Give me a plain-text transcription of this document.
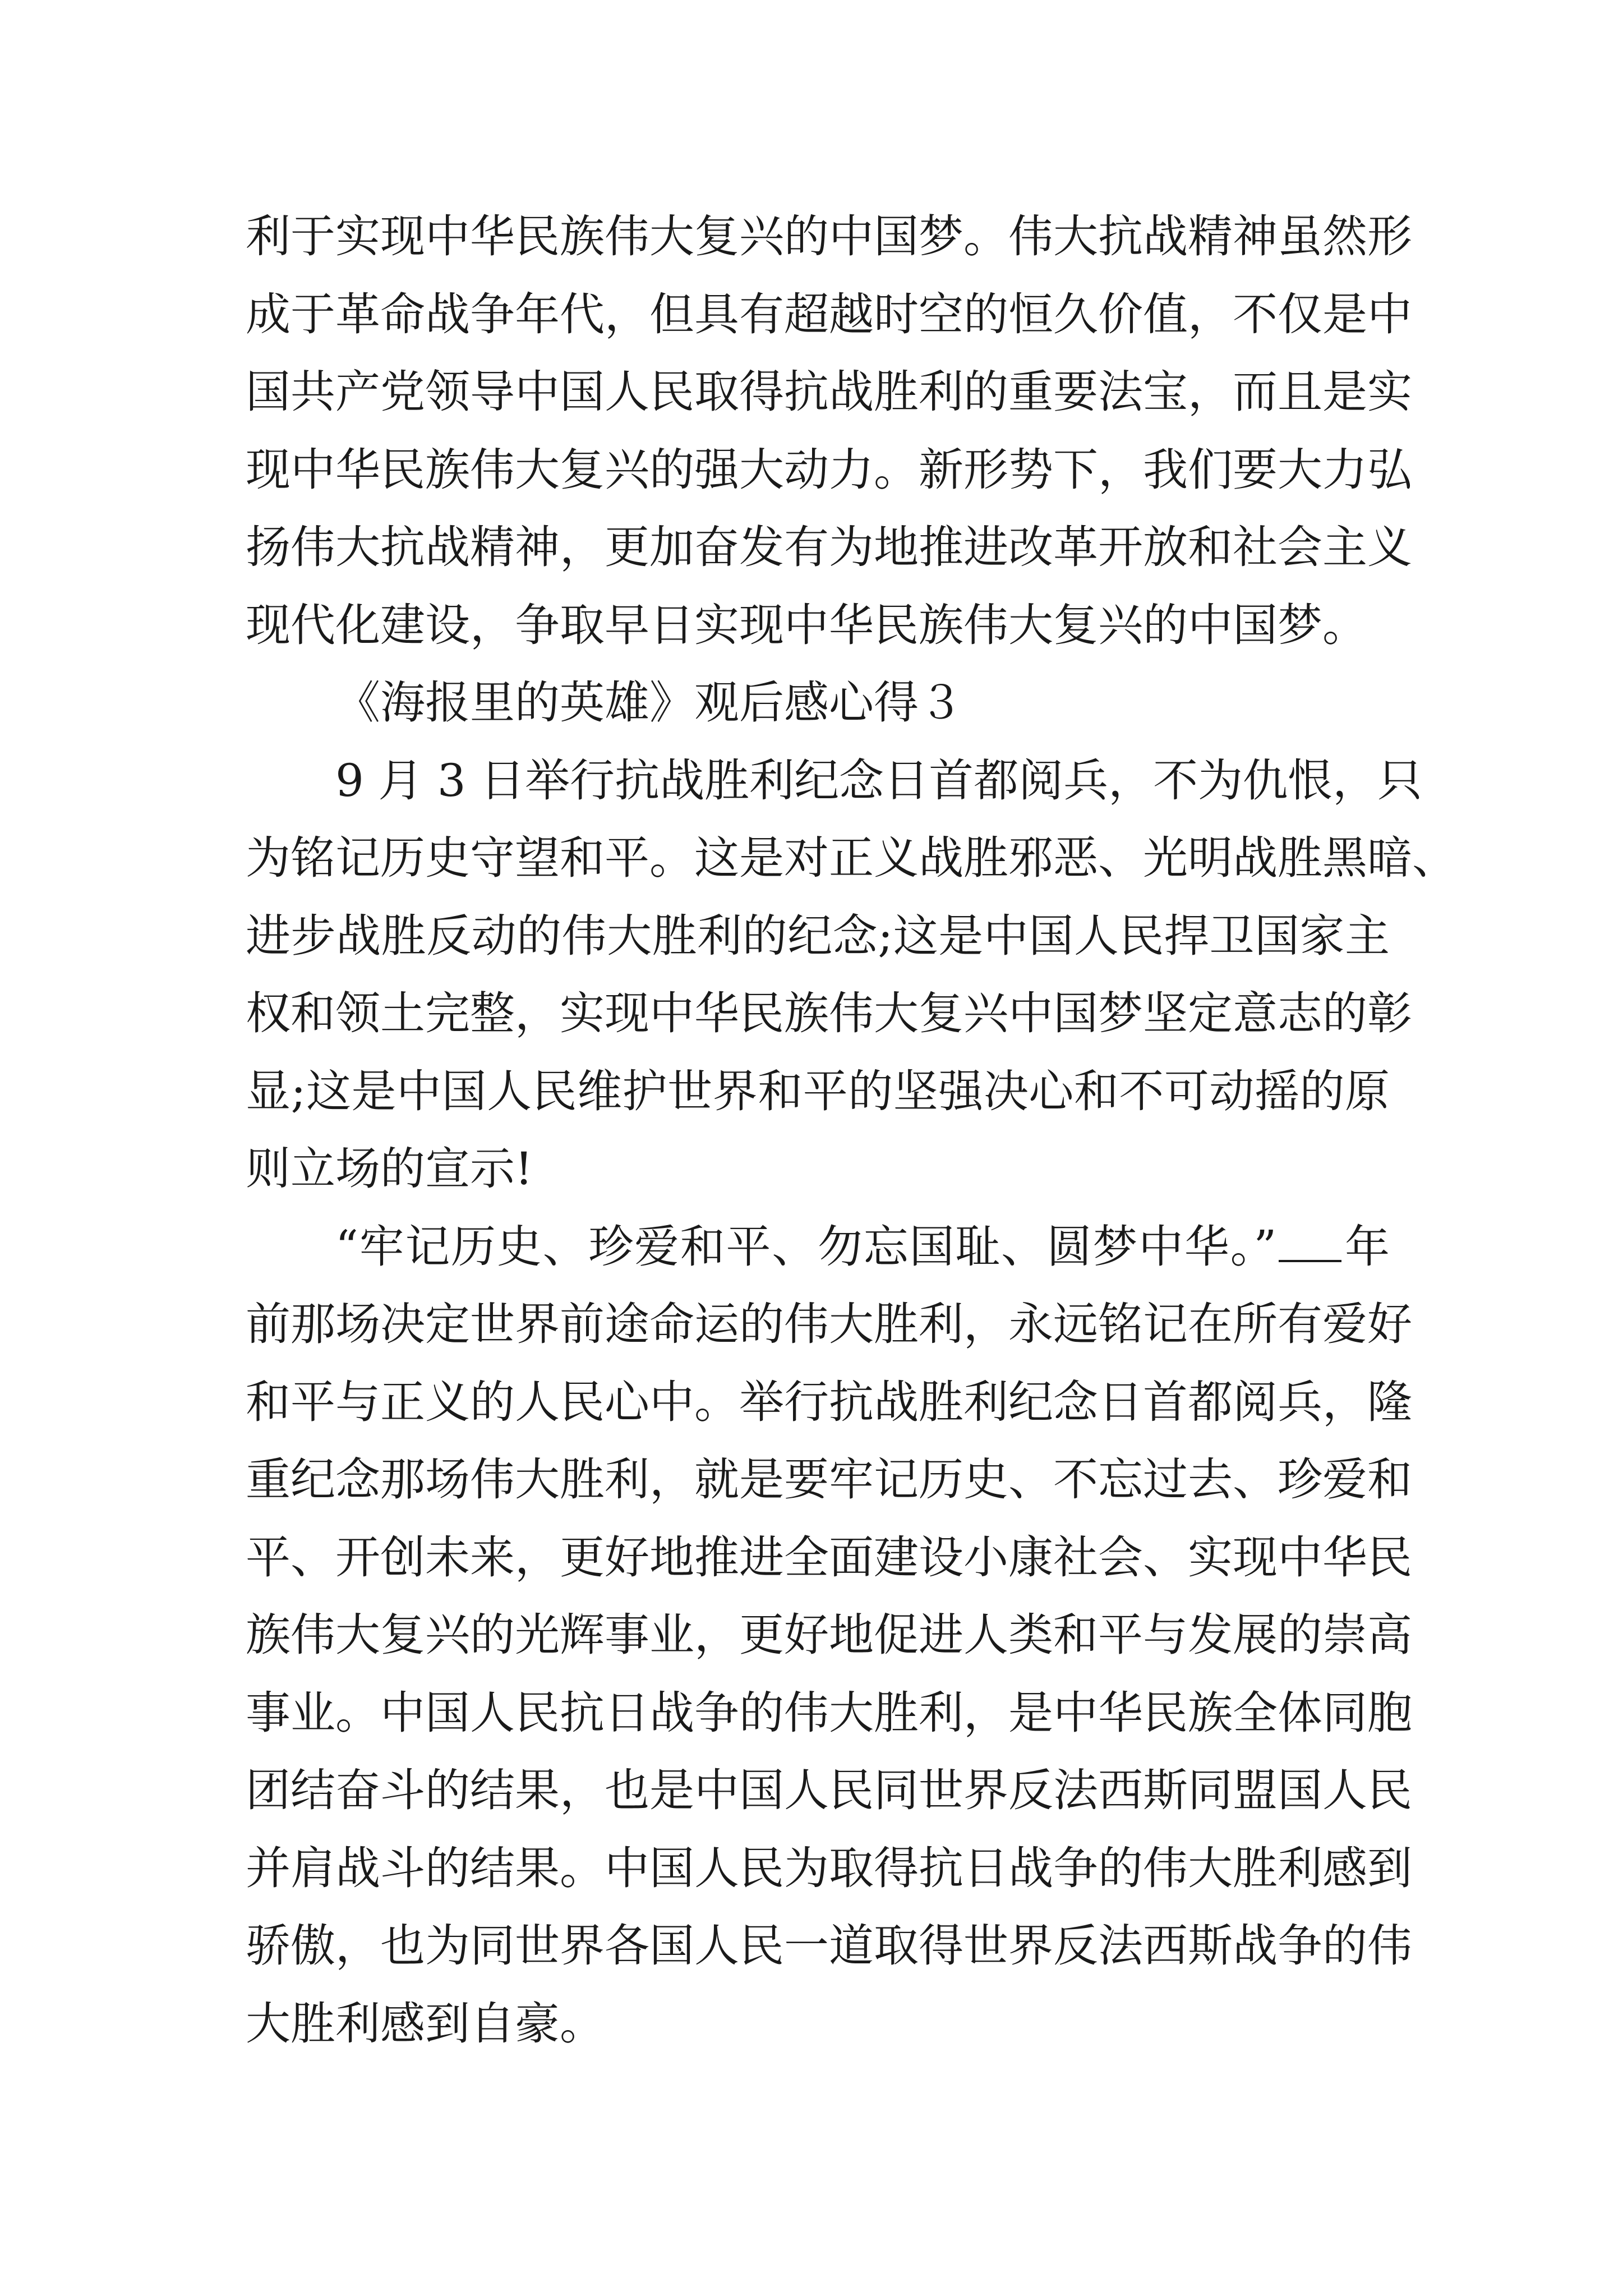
利于实现中华民族伟大复兴的中国梦。伟大抗战精神虽然形
成于革命战争年代，但具有超越时空的恒久价值，不仅是中
国共产党领导中国人民取得抗战胜利的重要法宝，而且是实
现中华民族伟大复兴的强大动力。新形势下，我们要大力弘
扬伟大抗战精神，更加奋发有为地推进改革开放和社会主义
现代化建设，争取早日实现中华民族伟大复兴的中国梦。
《海报里的英雄》观后感心得３
9 月 3 日举行抗战胜利纪念日首都阅兵，不为仇恨，只
为铭记历史守望和平。这是对正义战胜邪恶、光明战胜黑暗、
进步战胜反动的伟大胜利的纪念;这是中国人民捍卫国家主
权和领土完整，实现中华民族伟大复兴中国梦坚定意志的彰
显;这是中国人民维护世界和平的坚强决心和不可动摇的原
则立场的宣示!
“牢记历史、珍爱和平、勿忘国耻、圆梦中华。” 年
前那场决定世界前途命运的伟大胜利，永远铭记在所有爱好
和平与正义的人民心中。举行抗战胜利纪念日首都阅兵，隆
重纪念那场伟大胜利，就是要牢记历史、不忘过去、珍爱和
平、开创未来，更好地推进全面建设小康社会、实现中华民
族伟大复兴的光辉事业，更好地促进人类和平与发展的崇高
事业。中国人民抗日战争的伟大胜利，是中华民族全体同胞
团结奋斗的结果，也是中国人民同世界反法西斯同盟国人民
并肩战斗的结果。中国人民为取得抗日战争的伟大胜利感到
骄傲，也为同世界各国人民一道取得世界反法西斯战争的伟
大胜利感到自豪。
